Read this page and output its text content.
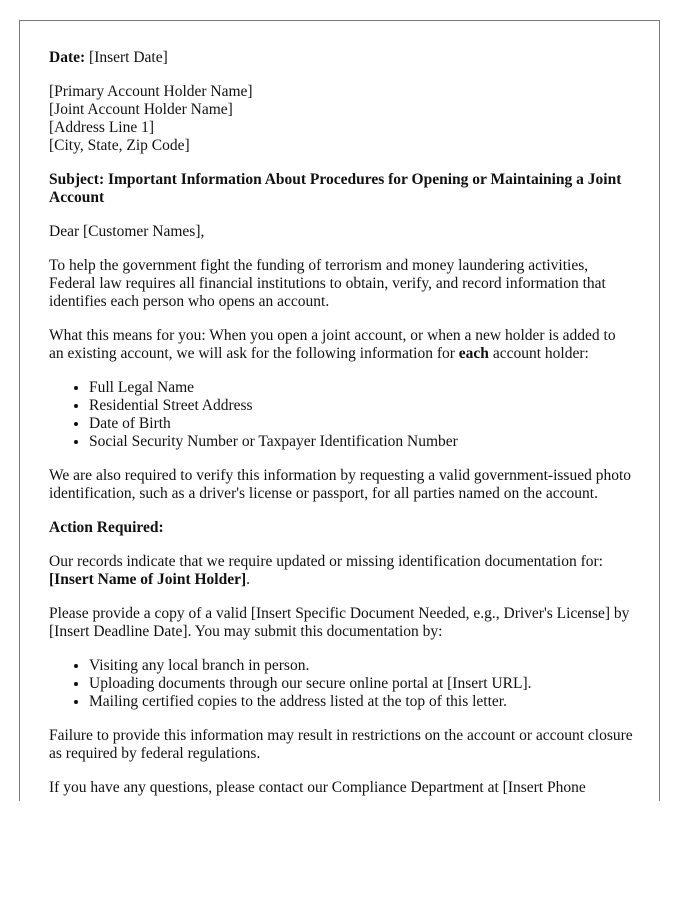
Date: [Insert Date]

[Primary Account Holder Name]
[Joint Account Holder Name]
[Address Line 1]
[City, State, Zip Code]

Subject: Important Information About Procedures for Opening or Maintaining a Joint Account

Dear [Customer Names],

To help the government fight the funding of terrorism and money laundering activities, Federal law requires all financial institutions to obtain, verify, and record information that identifies each person who opens an account.

What this means for you: When you open a joint account, or when a new holder is added to an existing account, we will ask for the following information for each account holder:

• Full Legal Name
• Residential Street Address
• Date of Birth
• Social Security Number or Taxpayer Identification Number

We are also required to verify this information by requesting a valid government-issued photo identification, such as a driver's license or passport, for all parties named on the account.

Action Required:

Our records indicate that we require updated or missing identification documentation for: [Insert Name of Joint Holder].

Please provide a copy of a valid [Insert Specific Document Needed, e.g., Driver's License] by [Insert Deadline Date]. You may submit this documentation by:

• Visiting any local branch in person.
• Uploading documents through our secure online portal at [Insert URL].
• Mailing certified copies to the address listed at the top of this letter.

Failure to provide this information may result in restrictions on the account or account closure as required by federal regulations.

If you have any questions, please contact our Compliance Department at [Insert Phone
